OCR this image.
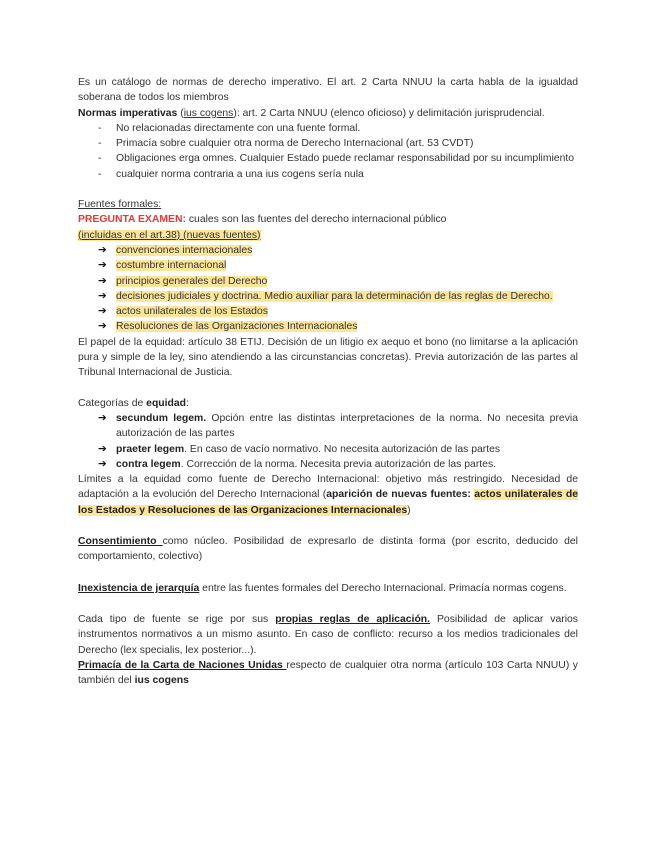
Es un catálogo de normas de derecho imperativo. El art. 2 Carta NNUU la carta habla de la igualdad soberana de todos los miembros

Normas imperativas (ius cogens): art. 2 Carta NNUU (elenco oficioso) y delimitación jurisprudencial.

- No relacionadas directamente con una fuente formal.
- Primacía sobre cualquier otra norma de Derecho Internacional (art. 53 CVDT)
- Obligaciones erga omnes. Cualquier Estado puede reclamar responsabilidad por su incumplimiento
- cualquier norma contraria a una ius cogens sería nula

Fuentes formales:

PREGUNTA EXAMEN: cuales son las fuentes del derecho internacional público

(incluidas en el art.38) (nuevas fuentes)

➔ convenciones internacionales
➔ costumbre internacional
➔ principios generales del Derecho
➔ decisiones judiciales y doctrina. Medio auxiliar para la determinación de las reglas de Derecho.
➔ actos unilaterales de los Estados
➔ Resoluciones de las Organizaciones Internacionales

El papel de la equidad: artículo 38 ETIJ. Decisión de un litigio ex aequo et bono (no limitarse a la aplicación pura y simple de la ley, sino atendiendo a las circunstancias concretas). Previa autorización de las partes al Tribunal Internacional de Justicia.

Categorías de equidad:

➔ secundum legem. Opción entre las distintas interpretaciones de la norma. No necesita previa autorización de las partes
➔ praeter legem. En caso de vacío normativo. No necesita autorización de las partes
➔ contra legem. Corrección de la norma. Necesita previa autorización de las partes.

Límites a la equidad como fuente de Derecho Internacional: objetivo más restringido. Necesidad de adaptación a la evolución del Derecho Internacional (aparición de nuevas fuentes: actos unilaterales de los Estados y Resoluciones de las Organizaciones Internacionales)

Consentimiento como núcleo. Posibilidad de expresarlo de distinta forma (por escrito, deducido del comportamiento, colectivo)

Inexistencia de jerarquía entre las fuentes formales del Derecho Internacional. Primacía normas cogens.

Cada tipo de fuente se rige por sus propias reglas de aplicación. Posibilidad de aplicar varios instrumentos normativos a un mismo asunto. En caso de conflicto: recurso a los medios tradicionales del Derecho (lex specialis, lex posterior...).

Primacía de la Carta de Naciones Unidas respecto de cualquier otra norma (artículo 103 Carta NNUU) y también del ius cogens
